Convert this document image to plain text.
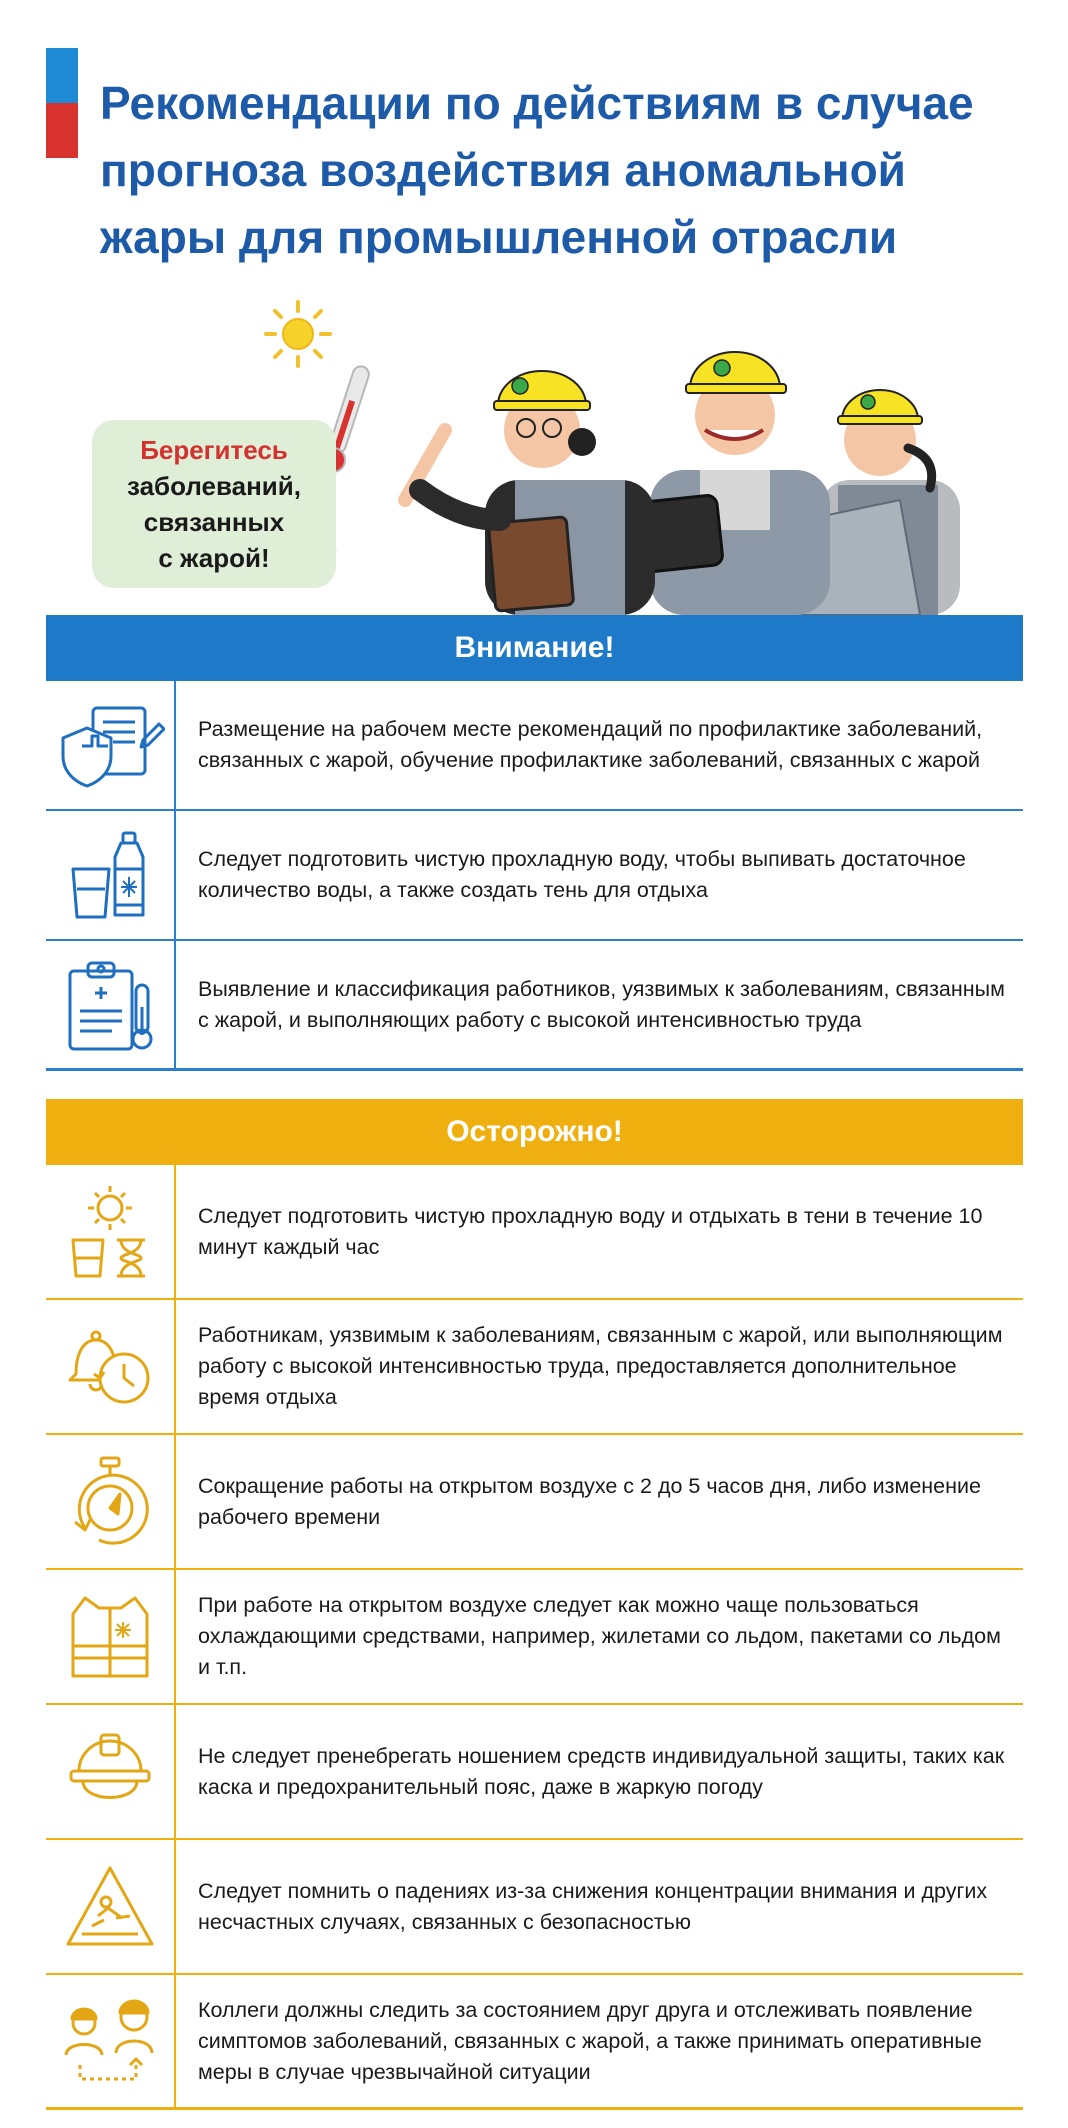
Рекомендации по действиям в случае
прогноза воздействия аномальной
жары для промышленной отрасли
Берегитесь
заболеваний,
связанных
с жарой!
Внимание!
Размещение на рабочем месте рекомендаций по профилактике заболеваний, связанных с жарой, обучение профилактике заболеваний, связанных с жарой
Следует подготовить чистую прохладную воду, чтобы выпивать достаточное количество воды, а также создать тень для отдыха
Выявление и классификация работников, уязвимых к заболеваниям, связанным с жарой, и выполняющих работу с высокой интенсивностью труда
Осторожно!
Следует подготовить чистую прохладную воду и отдыхать в тени в течение 10 минут каждый час
Работникам, уязвимым к заболеваниям, связанным с жарой, или выполняющим работу с высокой интенсивностью труда, предоставляется дополнительное время отдыха
Сокращение работы на открытом воздухе с 2 до 5 часов дня, либо изменение рабочего времени
При работе на открытом воздухе следует как можно чаще пользоваться охлаждающими средствами, например, жилетами со льдом, пакетами со льдом и т.п.
Не следует пренебрегать ношением средств индивидуальной защиты, таких как каска и предохранительный пояс, даже в жаркую погоду
Следует помнить о падениях из-за снижения концентрации внимания и других несчастных случаях, связанных с безопасностью
Коллеги должны следить за состоянием друг друга и отслеживать появление симптомов заболеваний, связанных с жарой, а также принимать оперативные меры в случае чрезвычайной ситуации
